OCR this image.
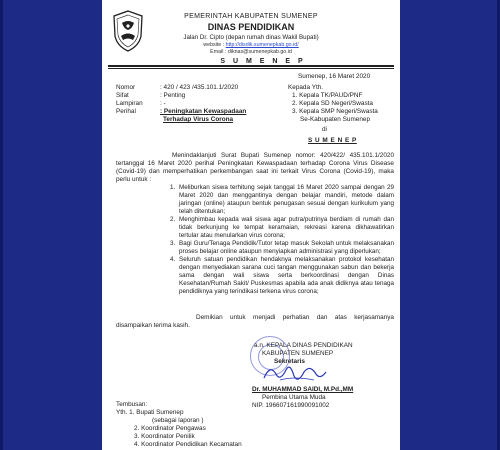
PEMERINTAH KABUPATEN SUMENEP
DINAS PENDIDIKAN
Jalan Dr. Cipto (depan rumah dinas Wakil Bupati)
website : http://disdik.sumenepkab.go.id/
Email : diknas@sumenepkab.go.id
S U M E N E P
Sumenep, 16 Maret 2020
Nomor	: 420 / 423 /435.101.1/2020
Sifat	: Penting
Lampiran	: -
Perihal	: Peningkatan Kewaspadaan
Terhadap Virus Corona
Kepada Yth.
1. Kepala TK/PAUD/PNF
2. Kepala SD Negeri/Swasta
3. Kepala SMP Negeri/Swasta
Se-Kabupaten Sumenep
di
S U M E N E P
Menindaklanjuti Surat Bupati Sumenep nomor: 420/422/ 435.101.1/2020 tertanggal 16 Maret 2020 perihal Peningkatan Kewaspadaan terhadap Corona Virus Disease (Covid-19) dan memperhatikan perkembangan saat ini terkait Virus Corona (Covid-19), maka perlu untuk :
1. Meliburkan siswa terhitung sejak tanggal 16 Maret 2020 sampai dengan 29 Maret 2020 dan menggantinya dengan belajar mandiri, metode dalam jaringan (online) ataupun bentuk penugasan sesuai dengan kurikulum yang telah ditentukan;
2. Menghimbau kepada wali siswa agar putra/putrinya berdiam di rumah dan tidak berkunjung ke tempat keramaian, rekreasi karena dikhawatirkan tertular atau menularkan virus corona;
3. Bagi Guru/Tenaga Pendidik/Tutor tetap masuk Sekolah untuk melaksanakan proses belajar online ataupun menyiapkan administrasi yang diperlukan;
4. Seluruh satuan pendidikan hendaknya melaksanakan protokol kesehatan dengan menyediakan sarana cuci tangan menggunakan sabun dan bekerja sama dengan wali siswa serta berkoordinasi dengan Dinas Kesehatan/Rumah Sakit/ Puskesmas apabila ada anak didiknya atau tenaga pendidiknya yang terindikasi terkena virus corona;
Demikian untuk menjadi perhatian dan atas kerjasamanya disampaikan terima kasih.
a.n. KEPALA DINAS PENDIDIKAN
KABUPATEN SUMENEP
Sekretaris
Dr. MUHAMMAD SAIDI, M.Pd.,MM
Pembina Utama Muda
NIP. 196607161990091002
Tembusan:
Yth. 1. Bupati Sumenep
(sebagai laporan )
2. Koordinator Pengawas
3. Koordinator Penilik
4. Koordinator Pendidikan Kecamatan
